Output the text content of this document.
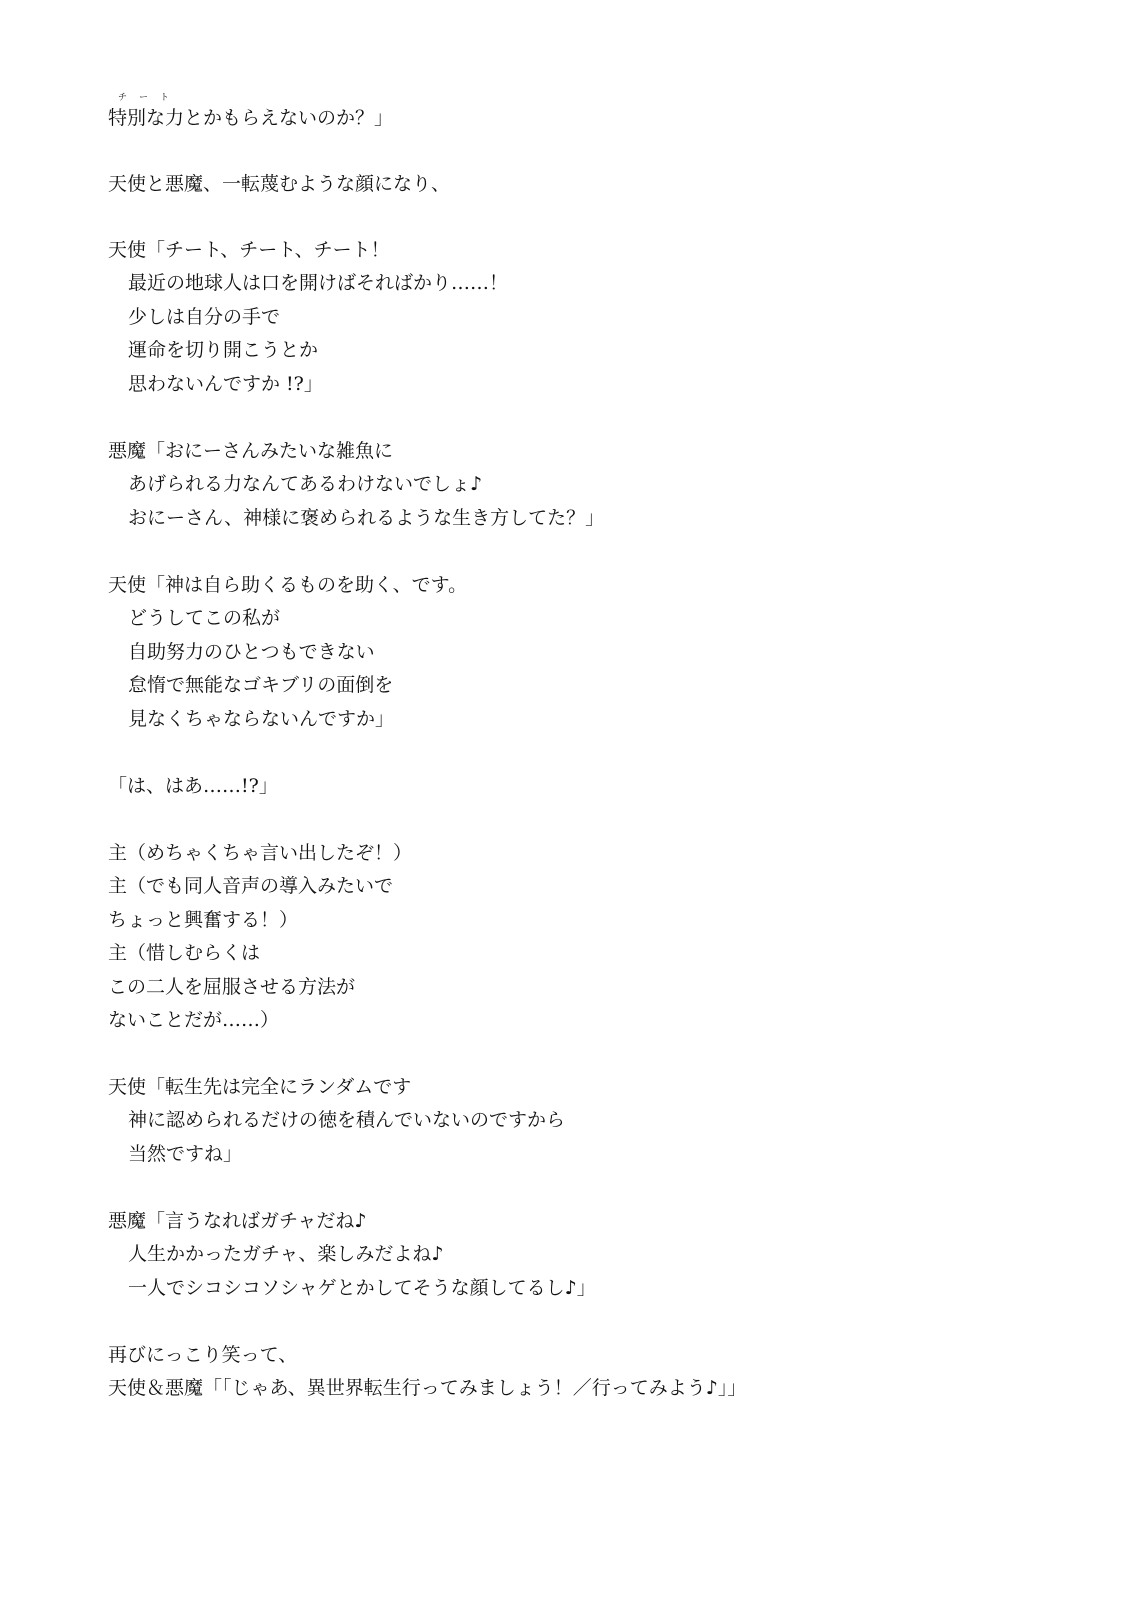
チート
特別な力とかもらえないのか？」
天使と悪魔、一転蔑むような顔になり、
天使「チート、チート、チート！
最近の地球人は口を開けばそればかり……！
少しは自分の手で
運命を切り開こうとか
思わないんですか !?」
悪魔「おにーさんみたいな雑魚に
あげられる力なんてあるわけないでしょ♪
おにーさん、神様に褒められるような生き方してた？」
天使「神は自ら助くるものを助く、です。
どうしてこの私が
自助努力のひとつもできない
怠惰で無能なゴキブリの面倒を
見なくちゃならないんですか」
「は、はあ……!?」
主（めちゃくちゃ言い出したぞ！）
主（でも同人音声の導入みたいで
ちょっと興奮する！）
主（惜しむらくは
この二人を屈服させる方法が
ないことだが……）
天使「転生先は完全にランダムです
神に認められるだけの徳を積んでいないのですから
当然ですね」
悪魔「言うなればガチャだね♪
人生かかったガチャ、楽しみだよね♪
一人でシコシコソシャゲとかしてそうな顔してるし♪」
再びにっこり笑って、
天使＆悪魔「「じゃあ、異世界転生行ってみましょう！／行ってみよう♪」」
